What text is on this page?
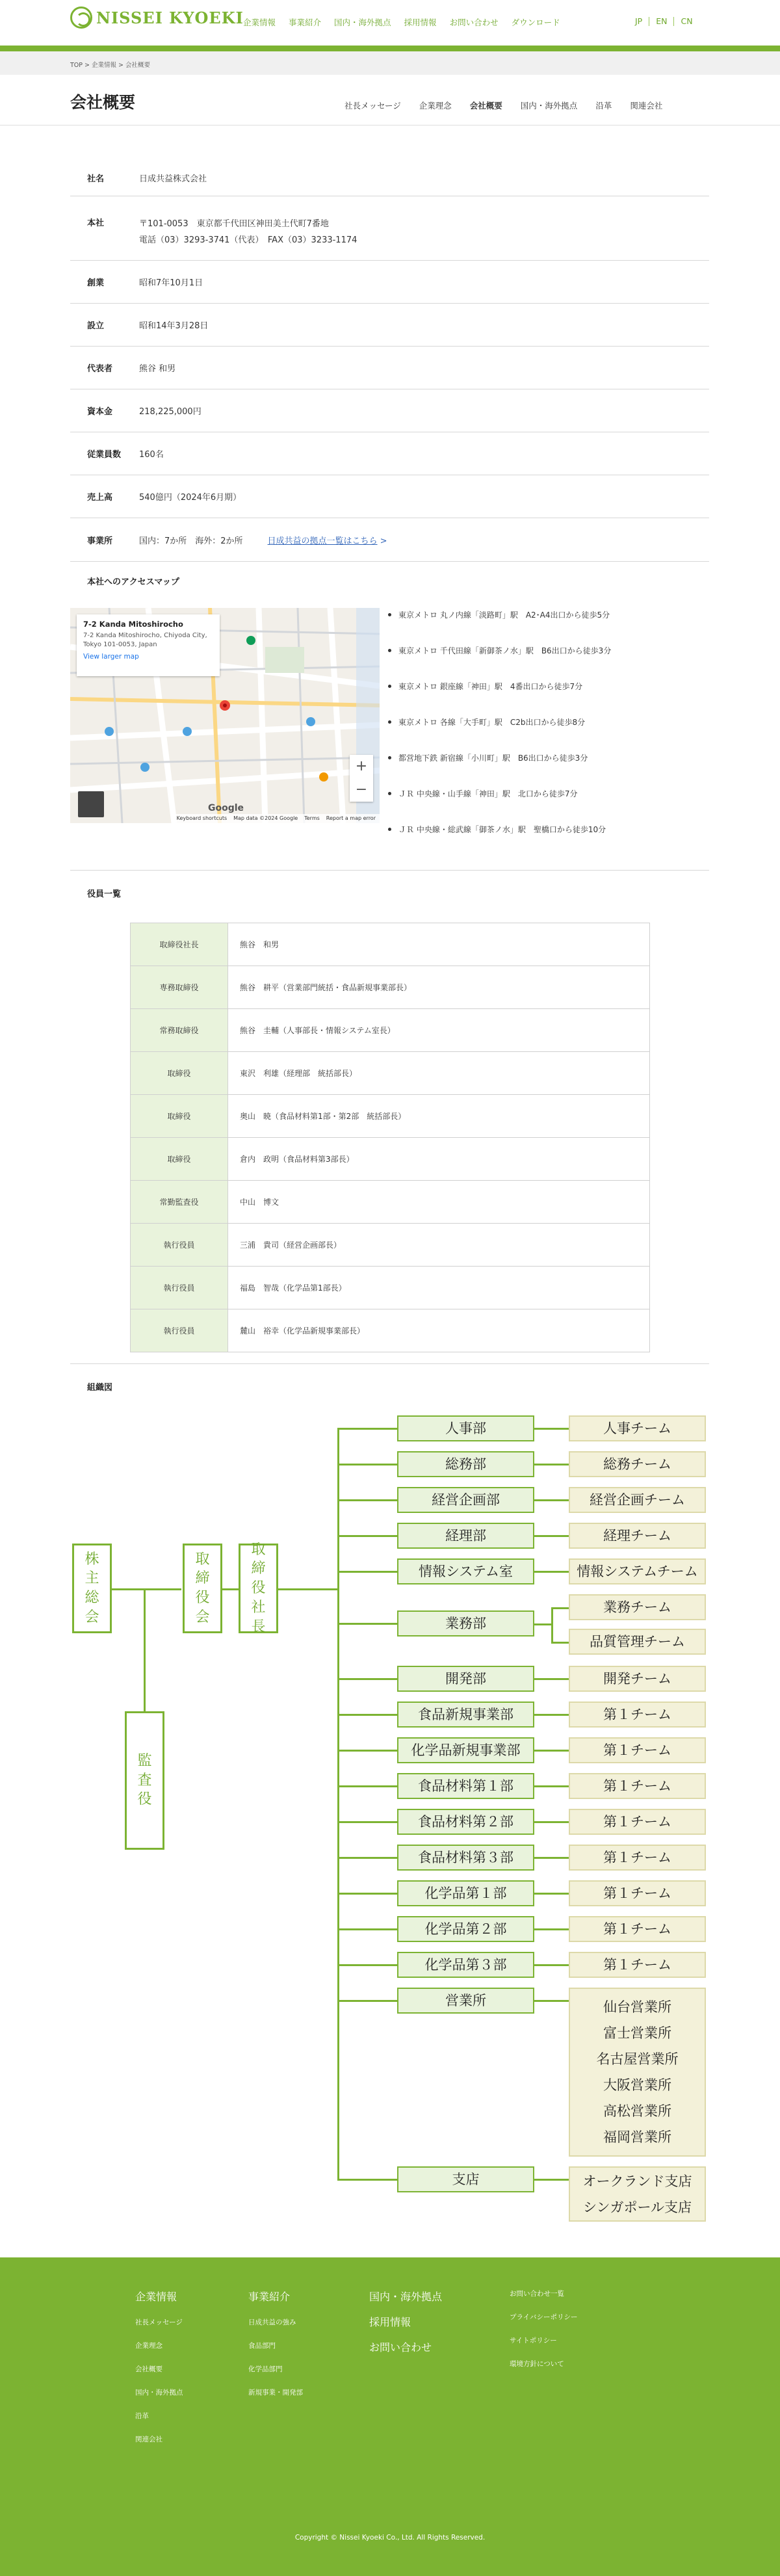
NISSEI KYOEKI 企業情報 事業紹介 国内・海外拠点 採用情報 お問い合わせ ダウンロード	JP EN CN
TOP > 企業情報 > 会社概要
会社概要	社長メッセージ 企業理念 会社概要 国内・海外拠点 沿革 関連会社
社名	日成共益株式会社
本社	〒101-0053　東京都千代田区神田美土代町7番地
電話（03）3293-3741（代表）　FAX（03）3233-1174
創業	昭和7年10月1日
設立	昭和14年3月28日
代表者	熊谷 和男
資本金	218,225,000円
従業員数	160名
売上高	540億円（2024年6月期）
事業所	国内：7か所　海外：2か所	日成共益の拠点一覧はこちら >
本社へのアクセスマップ
7-2 Kanda Mitoshirocho
7-2 Kanda Mitoshirocho, Chiyoda City, Tokyo 101-0053, Japan
View larger map
+
−
Google
Keyboard shortcuts Map data ©2024 Google Terms Report a map error
東京メトロ 丸ノ内線「淡路町」駅　A2･A4出口から徒歩5分
東京メトロ 千代田線「新御茶ノ水」駅　B6出口から徒歩3分
東京メトロ 銀座線「神田」駅　4番出口から徒歩7分
東京メトロ 各線「大手町」駅　C2b出口から徒歩8分
都営地下鉄 新宿線「小川町」駅　B6出口から徒歩3分
ＪＲ 中央線・山手線「神田」駅　北口から徒歩7分
ＪＲ 中央線・総武線「御茶ノ水」駅　聖橋口から徒歩10分
役員一覧
取締役社長	熊谷　和男
専務取締役	熊谷　耕平（営業部門統括・食品新規事業部長）
常務取締役	熊谷　圭輔（人事部長・情報システム室長）
取締役	東沢　利雄（経理部　統括部長）
取締役	奥山　暁（食品材料第1部・第2部　統括部長）
取締役	倉内　政明（食品材料第3部長）
常勤監査役	中山　博文
執行役員	三浦　貴司（経営企画部長）
執行役員	福島　智哉（化学品第1部長）
執行役員	麓山　裕幸（化学品新規事業部長）
組織図
株主総会
取締役会
取締役社長
監査役
人事部
総務部
経営企画部
経理部
情報システム室
業務部
開発部
食品新規事業部
化学品新規事業部
食品材料第１部
食品材料第２部
食品材料第３部
化学品第１部
化学品第２部
化学品第３部
営業所
支店
人事チーム
総務チーム
経営企画チーム
経理チーム
情報システムチーム
業務チーム
品質管理チーム
開発チーム
第１チーム
第１チーム
第１チーム
第１チーム
第１チーム
第１チーム
第１チーム
第１チーム
仙台営業所
富士営業所
名古屋営業所
大阪営業所
高松営業所
福岡営業所
オークランド支店
シンガポール支店
企業情報
社長メッセージ
企業理念
会社概要
国内・海外拠点
沿革
関連会社
事業紹介
日成共益の強み
食品部門
化学品部門
新規事業・開発部
国内・海外拠点
採用情報
お問い合わせ
お問い合わせ一覧
プライバシーポリシー
サイトポリシー
環境方針について
Copyright © Nissei Kyoeki Co., Ltd. All Rights Reserved.
